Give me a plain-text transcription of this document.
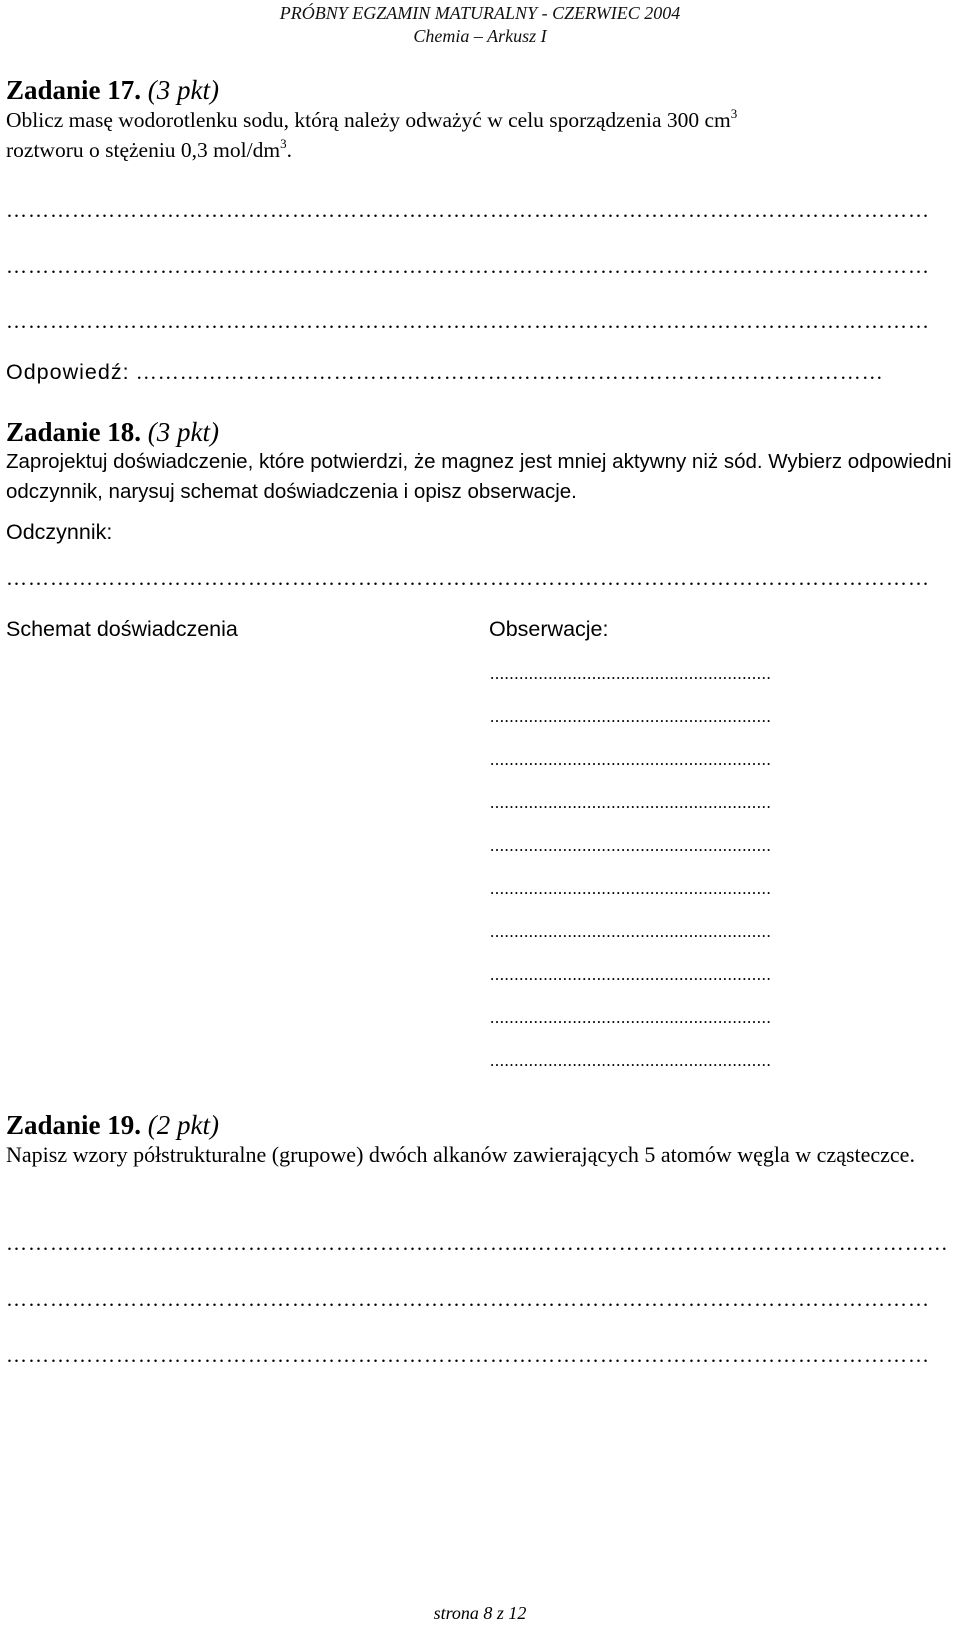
PRÓBNY EGZAMIN MATURALNY - CZERWIEC 2004
Chemia – Arkusz I
Zadanie 17. (3 pkt)
Oblicz masę wodorotlenku sodu, którą należy odważyć w celu sporządzenia 300 $cm^3$
roztworu o stężeniu 0,3 mol/$dm^3$.
………………………………………………………………………………………………………………
………………………………………………………………………………………………………………
………………………………………………………………………………………………………………
Odpowiedź: …………………………………………………………………………………………
Zadanie 18. (3 pkt)
Zaprojektuj doświadczenie, które potwierdzi, że magnez jest mniej aktywny niż sód. Wybierz odpowiedni odczynnik, narysuj schemat doświadczenia i opisz obserwacje.
Odczynnik:
………………………………………………………………………………………………………………
Schemat doświadczenia	Obserwacje:
..........................................................
..........................................................
..........................................................
..........................................................
..........................................................
..........................................................
..........................................................
..........................................................
..........................................................
..........................................................
Zadanie 19. (2 pkt)
Napisz wzory półstrukturalne (grupowe) dwóch alkanów zawierających 5 atomów węgla w cząsteczce.
……………………………………………………………...…………………………………………………
………………………………………………………………………………………………………………
………………………………………………………………………………………………………………
strona 8 z 12
